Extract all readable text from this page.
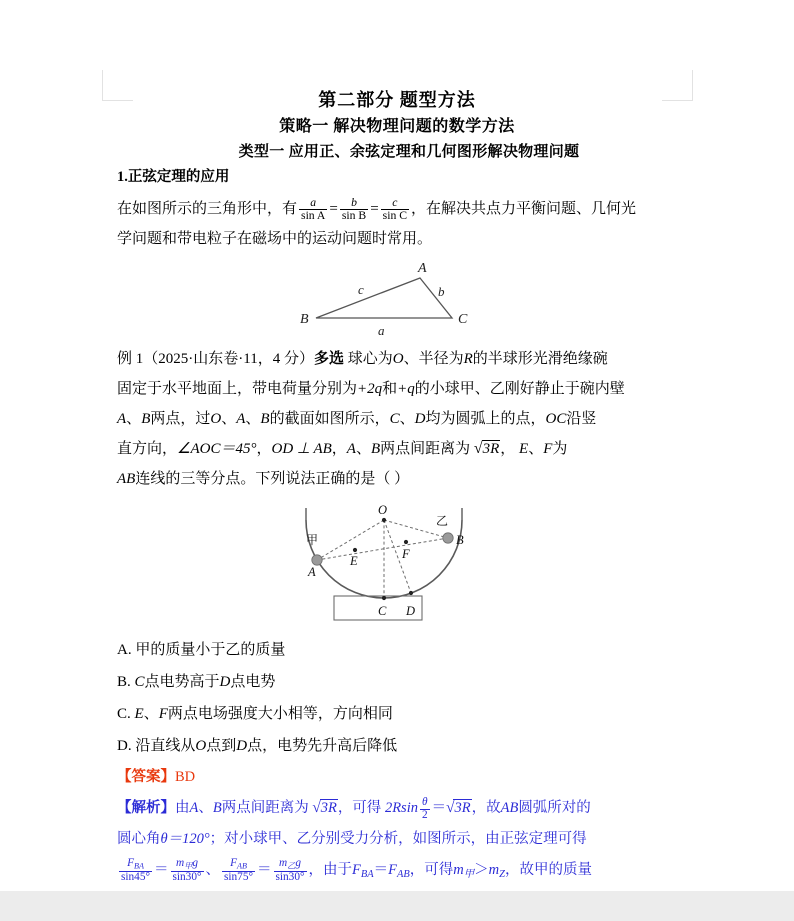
第二部分 题型方法
策略一 解决物理问题的数学方法
类型一 应用正、余弦定理和几何图形解决物理问题
1.正弦定理的应用

在如图所示的三角形中，有 $\frac{a}{\text{sin A}} = \frac{b}{\text{sin B}} = \frac{c}{\text{sin C}}$ ，在解决共点力平衡问题、几何光

学问题和带电粒子在磁场中的运动问题时常用。

A
B	C
a
b
c

例 1（2025·山东卷·11，4 分）多选 球心为O、半径为R的半球形光滑绝缘碗

固定于水平地面上，带电荷量分别为+2q和+q的小球甲、乙刚好静止于碗内壁

A、B两点，过O、A、B的截面如图所示，C、D均为圆弧上的点，OC沿竖

直方向，∠AOC＝45°，OD ⊥ AB，A、B两点间距离为 √3R， E、F为

AB连线的三等分点。下列说法正确的是（ ）

O
A
B
C D
E	F
甲
乙

A. 甲的质量小于乙的质量

B. C点电势高于D点电势

C. E、F两点电场强度大小相等，方向相同

D. 沿直线从O点到D点，电势先升高后降低

【答案】BD

【解析】由A、B两点间距离为 √3R，可得 $2Rsin \frac{\theta}{2} =√3R$，故AB圆弧所对的

圆心角θ＝120°；对小球甲、乙分别受力分析，如图所示，由正弦定理可得

$\frac{F_{BA}}{\sin 45^\circ} = \frac{m_甲g}{\sin 30^\circ}$ 、 $\frac{F_{AB}}{\sin 75^\circ} = \frac{m_乙g}{\sin 30^\circ}$ ，由于$F_{BA}=F_{AB}$，可得$m_甲>m_Z$，故甲的质量
